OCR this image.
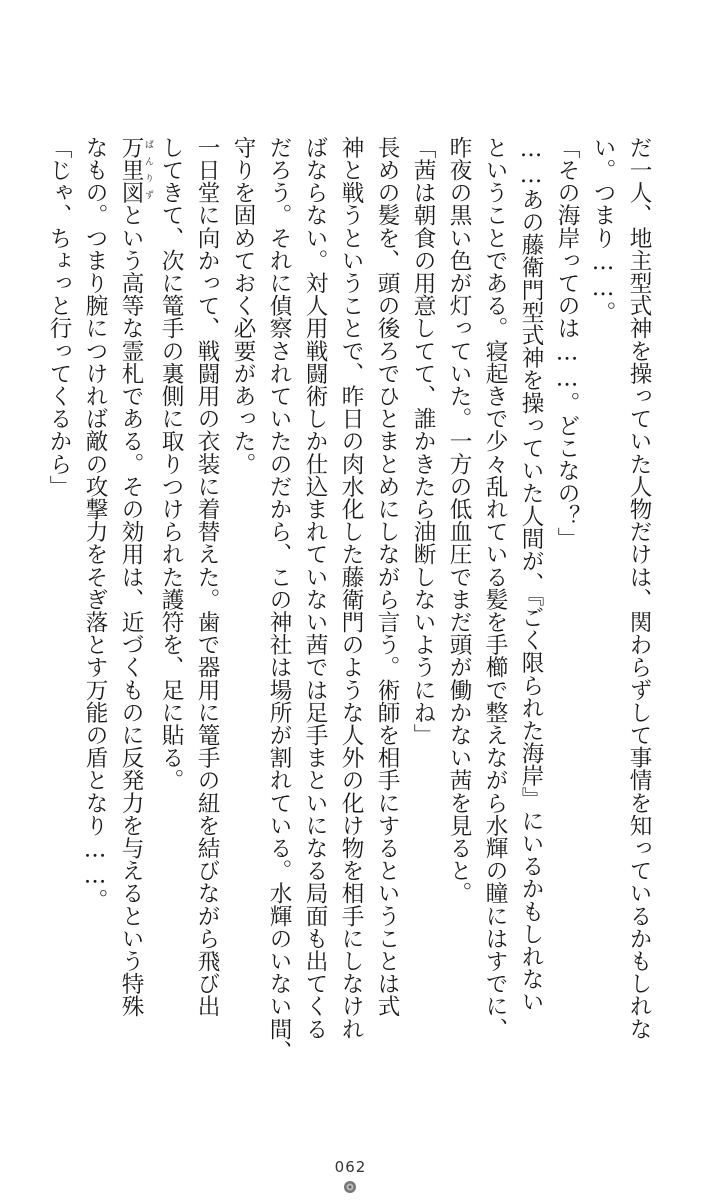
だ一人、地主型式神を操っていた人物だけは、関わらずして事情を知っているかもしれな

い。つまり……。

「その海岸ってのは……。どこなの？」

……あの藤衛門型式神を操っていた人間が、『ごく限られた海岸』にいるかもしれない

ということである。寝起きで少々乱れている髪を手櫛で整えながら水輝の瞳にはすでに、

昨夜の黒い色が灯っていた。一方の低血圧でまだ頭が働かない茜を見ると。

「茜は朝食の用意してて、誰かきたら油断しないようにね」

長めの髪を、頭の後ろでひとまとめにしながら言う。術師を相手にするということは式

神と戦うということで、昨日の肉水化した藤衛門のような人外の化け物を相手にしなけれ

ばならない。対人用戦闘術しか仕込まれていない茜では足手まといになる局面も出てくる

だろう。それに偵察されていたのだから、この神社は場所が割れている。水輝のいない間、

守りを固めておく必要があった。

一日堂に向かって、戦闘用の衣装に着替えた。歯で器用に篭手の紐を結びながら飛び出

してきて、次に篭手の裏側に取りつけられた護符を、足に貼る。

万里図 ばんりずという高等な霊札である。その効用は、近づくものに反発力を与えるという特殊

なもの。つまり腕につければ敵の攻撃力をそぎ落とす万能の盾となり……。

「じゃ、ちょっと行ってくるから」

062
